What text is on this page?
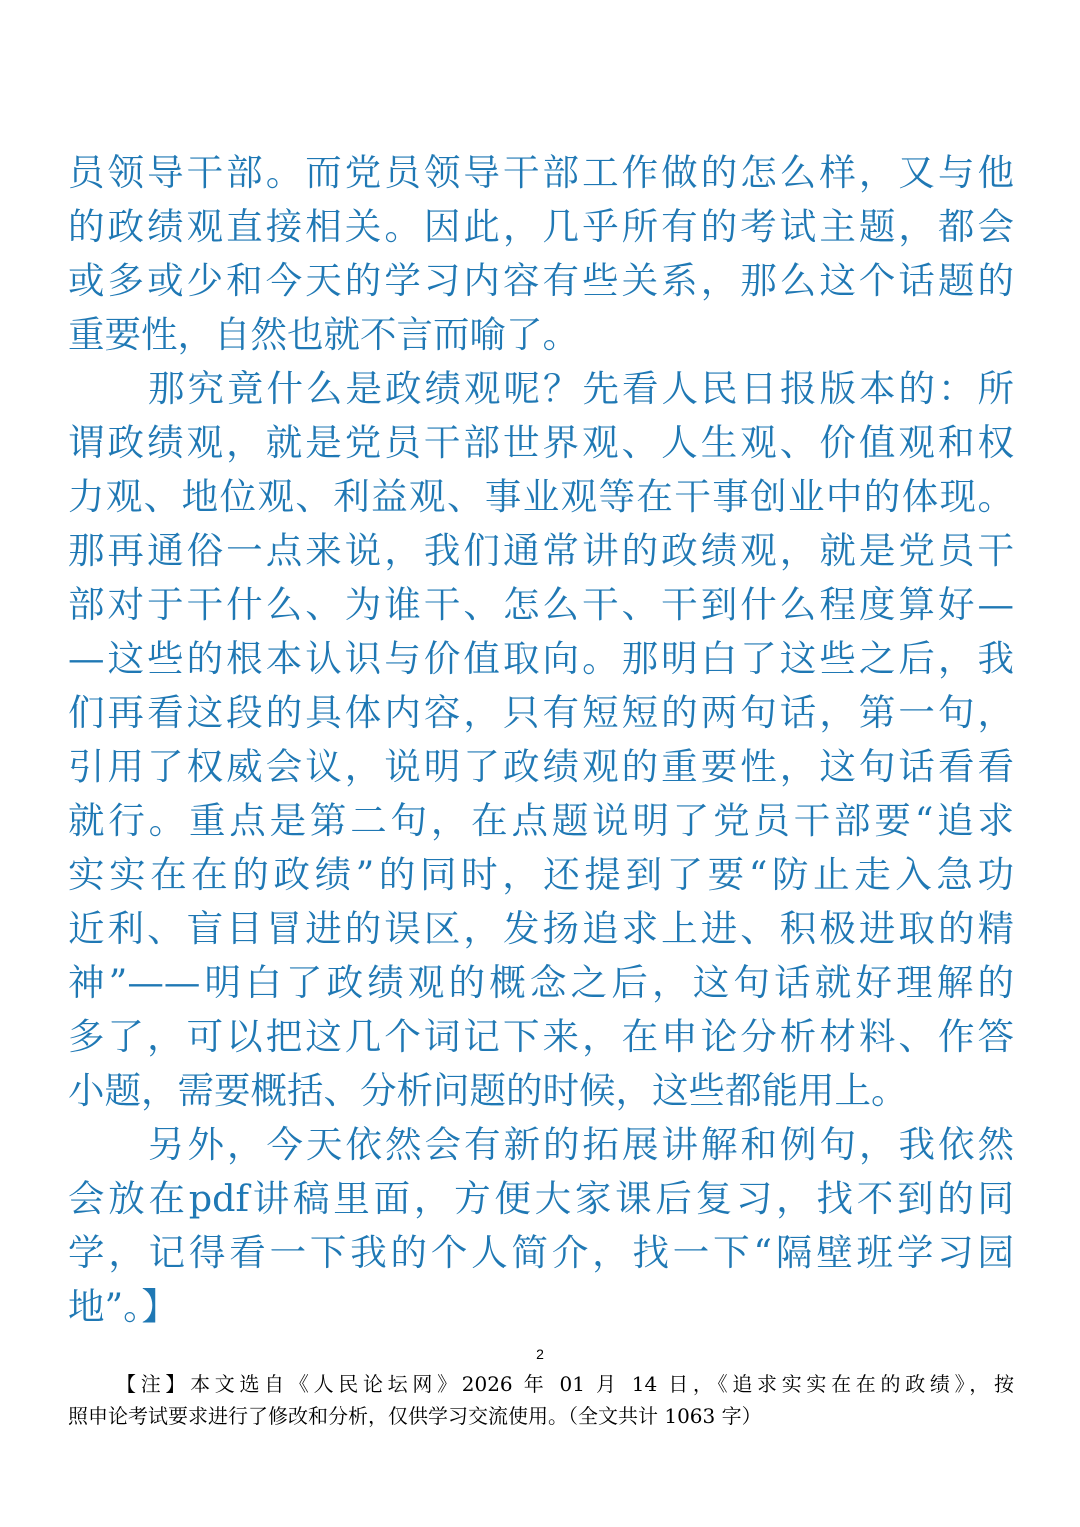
员领导干部。而党员领导干部工作做的怎么样，又与他
的政绩观直接相关。因此，几乎所有的考试主题，都会
或多或少和今天的学习内容有些关系，那么这个话题的
重要性，自然也就不言而喻了。
那究竟什么是政绩观呢？先看人民日报版本的：所
谓政绩观，就是党员干部世界观、人生观、价值观和权
力观、地位观、利益观、事业观等在干事创业中的体现。
那再通俗一点来说，我们通常讲的政绩观，就是党员干
部对于干什么、为谁干、怎么干、干到什么程度算好—
—这些的根本认识与价值取向。那明白了这些之后，我
们再看这段的具体内容，只有短短的两句话，第一句，
引用了权威会议，说明了政绩观的重要性，这句话看看
就行。重点是第二句，在点题说明了党员干部要“追求
实实在在的政绩”的同时，还提到了要“防止走入急功
近利、盲目冒进的误区，发扬追求上进、积极进取的精
神”——明白了政绩观的概念之后，这句话就好理解的
多了，可以把这几个词记下来，在申论分析材料、作答
小题，需要概括、分析问题的时候，这些都能用上。
另外，今天依然会有新的拓展讲解和例句，我依然
会放在pdf讲稿里面，方便大家课后复习，找不到的同
学，记得看一下我的个人简介，找一下“隔壁班学习园
地”。】
2
【注】本文选自《人民论坛网》2026 年 01 月 14 日，《追求实实在在的政绩》，按
照申论考试要求进行了修改和分析，仅供学习交流使用。（全文共计 1063 字）
